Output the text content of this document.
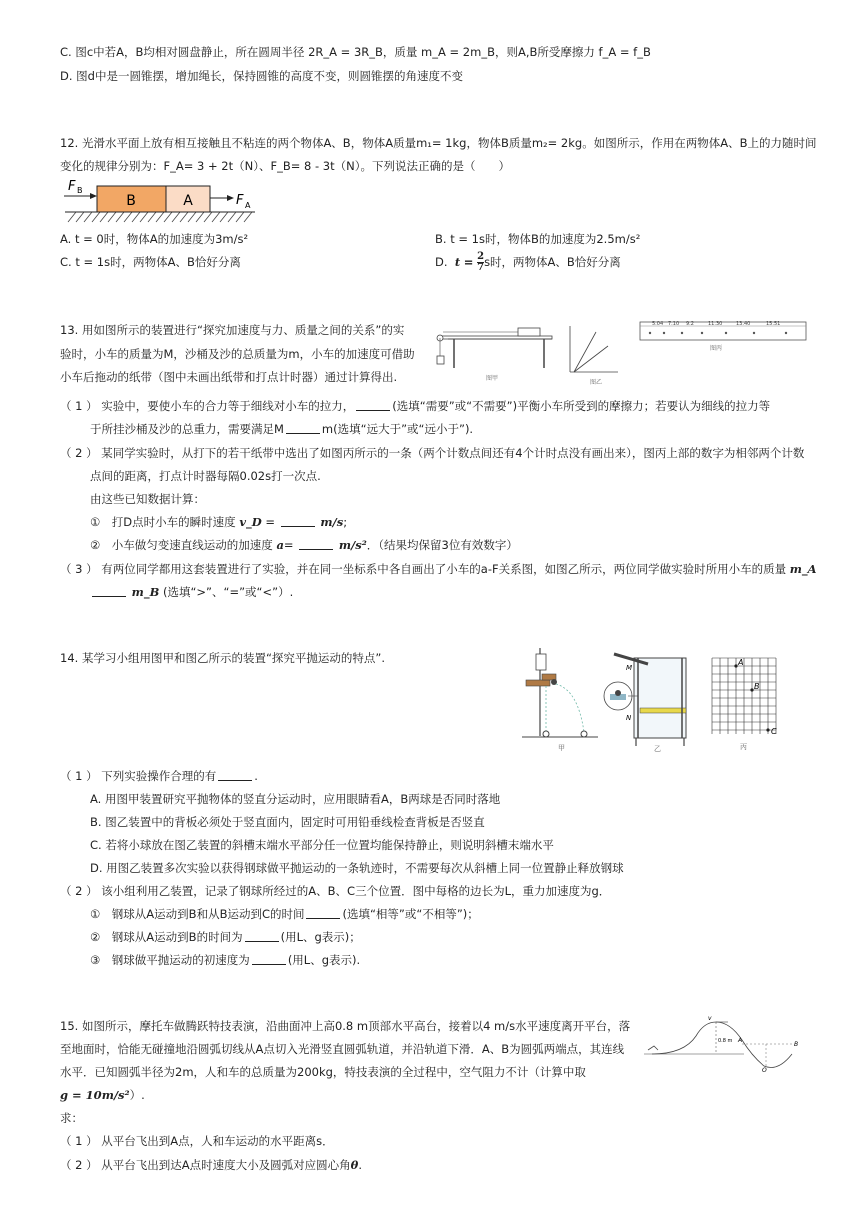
C. 图c中若A，B均相对圆盘静止，所在圆周半径 2R_A = 3R_B，质量 m_A = 2m_B，则A,B所受摩擦力 f_A = f_B
D. 图d中是一圆锥摆，增加绳长，保持圆锥的高度不变，则圆锥摆的角速度不变
12. 光滑水平面上放有相互接触且不粘连的两个物体A、B，物体A质量m₁= 1kg，物体B质量m₂= 2kg。如图所示，作用在两物体A、B上的力随时间
变化的规律分别为：F_A= 3 + 2t（N）、F_B= 8 - 3t（N）。下列说法正确的是（　　）
B	A
F B
F A
A. t = 0时，物体A的加速度为3m/s²	B. t = 1s时，物体B的加速度为2.5m/s²
C. t = 1s时，两物体A、B恰好分离	D. $t = \frac{2}{7}$ s时，两物体A、B恰好分离
13. 用如图所示的装置进行“探究加速度与力、质量之间的关系”的实
验时，小车的质量为M，沙桶及沙的总质量为m，小车的加速度可借助
小车后拖动的纸带（图中未画出纸带和打点计时器）通过计算得出.	图甲
图乙
5.04 7.10 9.2	11.30	13.40	15.51
图丙
（ 1 ） 实验中，要使小车的合力等于细线对小车的拉力，	(选填“需要”或“不需要”)平衡小车所受到的摩擦力；若要认为细线的拉力等
于所挂沙桶及沙的总重力，需要满足M	m(选填“远大于”或“远小于”).
（ 2 ） 某同学实验时，从打下的若干纸带中选出了如图丙所示的一条（两个计数点间还有4个计时点没有画出来），图丙上部的数字为相邻两个计数
点间的距离，打点计时器每隔0.02s打一次点.
由这些已知数据计算：
①　打D点时小车的瞬时速度 v_D =	m/s;
②　小车做匀变速直线运动的加速度 a=	m/s²．（结果均保留3位有效数字）
（ 3 ） 有两位同学都用这套装置进行了实验，并在同一坐标系中各自画出了小车的a-F关系图，如图乙所示，两位同学做实验时所用小车的质量 m_A
m_B (选填“>”、“=”或“<”）.
14. 某学习小组用图甲和图乙所示的装置“探究平抛运动的特点”.
甲
M
N
乙
A
B
C
丙
（ 1 ） 下列实验操作合理的有	.
A. 用图甲装置研究平抛物体的竖直分运动时，应用眼睛看A，B两球是否同时落地
B. 图乙装置中的背板必须处于竖直面内，固定时可用铅垂线检查背板是否竖直
C. 若将小球放在图乙装置的斜槽末端水平部分任一位置均能保持静止，则说明斜槽末端水平
D. 用图乙装置多次实验以获得钢球做平抛运动的一条轨迹时，不需要每次从斜槽上同一位置静止释放钢球
（ 2 ） 该小组利用乙装置，记录了钢球所经过的A、B、C三个位置．图中每格的边长为L，重力加速度为g．
①　钢球从A运动到B和从B运动到C的时间	(选填“相等”或“不相等”)；
②　钢球从A运动到B的时间为	(用L、g表示)；
③　钢球做平抛运动的初速度为	(用L、g表示).
15. 如图所示，摩托车做腾跃特技表演，沿曲面冲上高0.8 m顶部水平高台，接着以4 m/s水平速度离开平台，落
至地面时，恰能无碰撞地沿圆弧切线从A点切入光滑竖直圆弧轨道，并沿轨道下滑．A、B为圆弧两端点，其连线
水平．已知圆弧半径为2m，人和车的总质量为200kg，特技表演的全过程中，空气阻力不计（计算中取
g = 10m/s²）.
求：
（ 1 ） 从平台飞出到A点，人和车运动的水平距离s．
（ 2 ） 从平台飞出到达A点时速度大小及圆弧对应圆心角θ.
v
0.8 m A
B
O
